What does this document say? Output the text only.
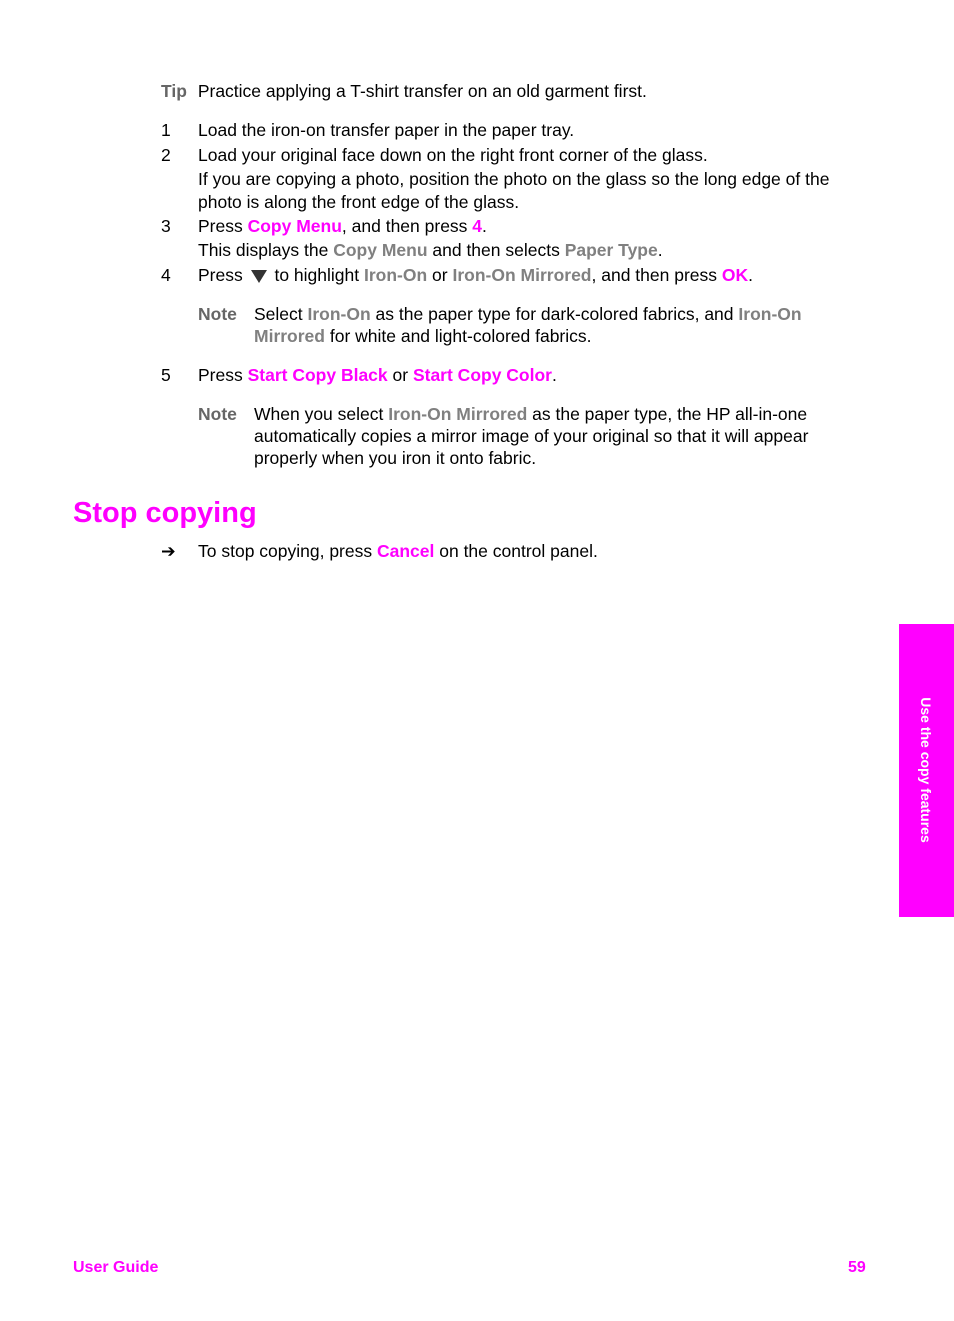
Tip Practice applying a T-shirt transfer on an old garment first.
1 Load the iron-on transfer paper in the paper tray.
2 Load your original face down on the right front corner of the glass.
If you are copying a photo, position the photo on the glass so the long edge of the
photo is along the front edge of the glass.
3 Press Copy Menu, and then press 4.
This displays the Copy Menu and then selects Paper Type.
4 Press  to highlight Iron-On or Iron-On Mirrored, and then press OK.
Note Select Iron-On as the paper type for dark-colored fabrics, and Iron-On
Mirrored for white and light-colored fabrics.
5 Press Start Copy Black or Start Copy Color.
Note When you select Iron-On Mirrored as the paper type, the HP all-in-one
automatically copies a mirror image of your original so that it will appear
properly when you iron it onto fabric.
Stop copying
➔ To stop copying, press Cancel on the control panel.
Use the copy features
User Guide	59
